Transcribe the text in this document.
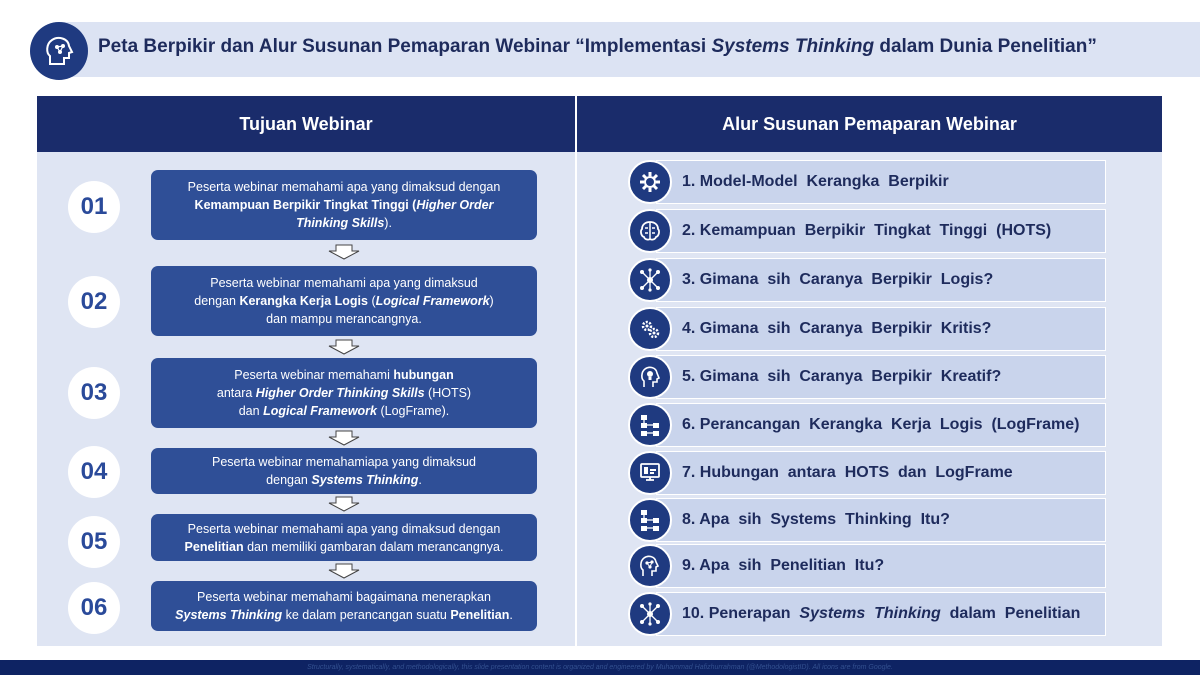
Peta Berpikir dan Alur Susunan Pemaparan Webinar “Implementasi Systems Thinking dalam Dunia Penelitian”
Tujuan Webinar
01
Peserta webinar memahami apa yang dimaksud dengan
Kemampuan Berpikir Tingkat Tinggi (Higher Order
Thinking Skills).
02
Peserta webinar memahami apa yang dimaksud
dengan Kerangka Kerja Logis (Logical Framework)
dan mampu merancangnya.
03
Peserta webinar memahami hubungan
antara Higher Order Thinking Skills (HOTS)
dan Logical Framework (LogFrame).
04	Peserta webinar memahamiapa yang dimaksud
dengan Systems Thinking.
05	Peserta webinar memahami apa yang dimaksud dengan
Penelitian dan memiliki gambaran dalam merancangnya.
06	Peserta webinar memahami bagaimana menerapkan
Systems Thinking ke dalam perancangan suatu Penelitian.
Alur Susunan Pemaparan Webinar
1. Model-Model  Kerangka  Berpikir
2. Kemampuan  Berpikir  Tingkat  Tinggi  (HOTS)
3. Gimana  sih  Caranya  Berpikir  Logis?
4. Gimana  sih  Caranya  Berpikir  Kritis?
5. Gimana  sih  Caranya  Berpikir  Kreatif?
6. Perancangan  Kerangka  Kerja  Logis  (LogFrame)
7. Hubungan  antara  HOTS  dan  LogFrame
8. Apa  sih  Systems  Thinking  Itu?
9. Apa  sih  Penelitian  Itu?
10. Penerapan Systems  Thinking dalam  Penelitian
Structurally, systematically, and methodologically, this slide presentation content is organized and engineered by Muhammad Hafizhurrahman (@MethodologistID). All icons are from Google.
